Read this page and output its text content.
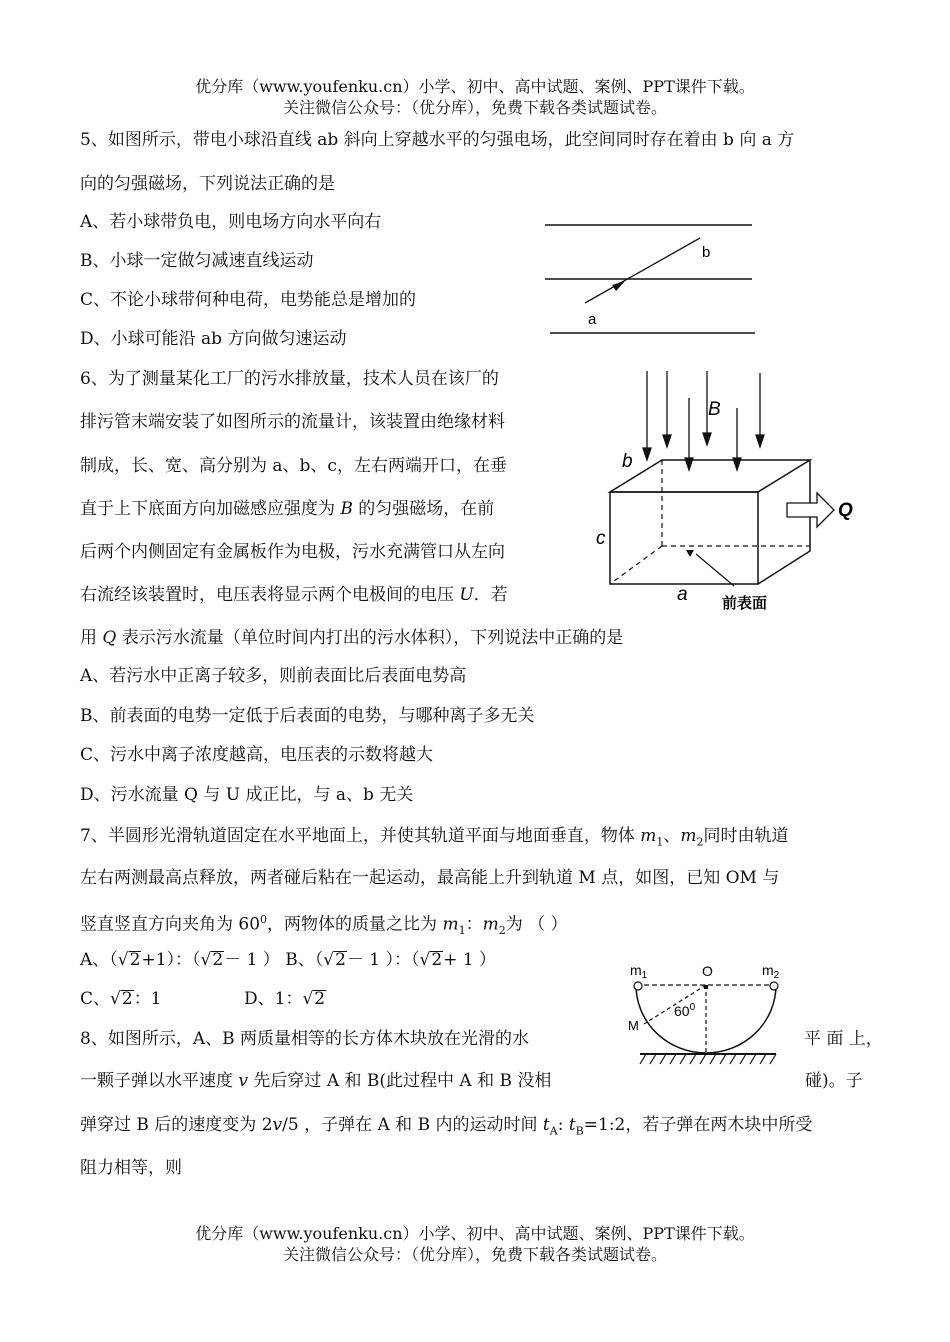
优分库（www.youfenku.cn）小学、初中、高中试题、案例、PPT课件下载。
关注微信公众号：（优分库），免费下载各类试题试卷。
5、如图所示，带电小球沿直线 ab 斜向上穿越水平的匀强电场，此空间同时存在着由 b 向 a 方
向的匀强磁场，下列说法正确的是
A、若小球带负电，则电场方向水平向右
B、小球一定做匀减速直线运动
C、不论小球带何种电荷，电势能总是增加的
D、小球可能沿 ab 方向做匀速运动
b
a
6、为了测量某化工厂的污水排放量，技术人员在该厂的
排污管末端安装了如图所示的流量计，该装置由绝缘材料
制成，长、宽、高分别为 a、b、c，左右两端开口，在垂
直于上下底面方向加磁感应强度为 B 的匀强磁场，在前
后两个内侧固定有金属板作为电极，污水充满管口从左向
右流经该装置时，电压表将显示两个电极间的电压 U．若
用 Q 表示污水流量（单位时间内打出的污水体积），下列说法中正确的是
A、若污水中正离子较多，则前表面比后表面电势高
B、前表面的电势一定低于后表面的电势，与哪种离子多无关
C、污水中离子浓度越高，电压表的示数将越大
D、污水流量 Q 与 U 成正比，与 a、b 无关
B
b
c
a
Q
前表面
7、半圆形光滑轨道固定在水平地面上，并使其轨道平面与地面垂直，物体 $m_1$、$m_2$同时由轨道
左右两测最高点释放，两者碰后粘在一起运动，最高能上升到轨道 M 点，如图，已知 OM 与
竖直竖直方向夹角为 $60^0$，两物体的质量之比为 $m_1$：$m_2$为 （ ）
A、（√2+1）：（√2－ 1 ） B、（√2－ 1 ）：（√2+ 1 ）
C、√2：1	D、1：√2
$m_1$	O	$m_2$
M
$60^0$
8、如图所示，A、B 两质量相等的长方体木块放在光滑的水	平 面 上，
一颗子弹以水平速度 v 先后穿过 A 和 B(此过程中 A 和 B 没相	碰)。子
弹穿过 B 后的速度变为 2v/5 ，子弹在 A 和 B 内的运动时间 $t_A$: $t_B=1:2$，若子弹在两木块中所受
阻力相等，则
优分库（www.youfenku.cn）小学、初中、高中试题、案例、PPT课件下载。
关注微信公众号：（优分库），免费下载各类试题试卷。
